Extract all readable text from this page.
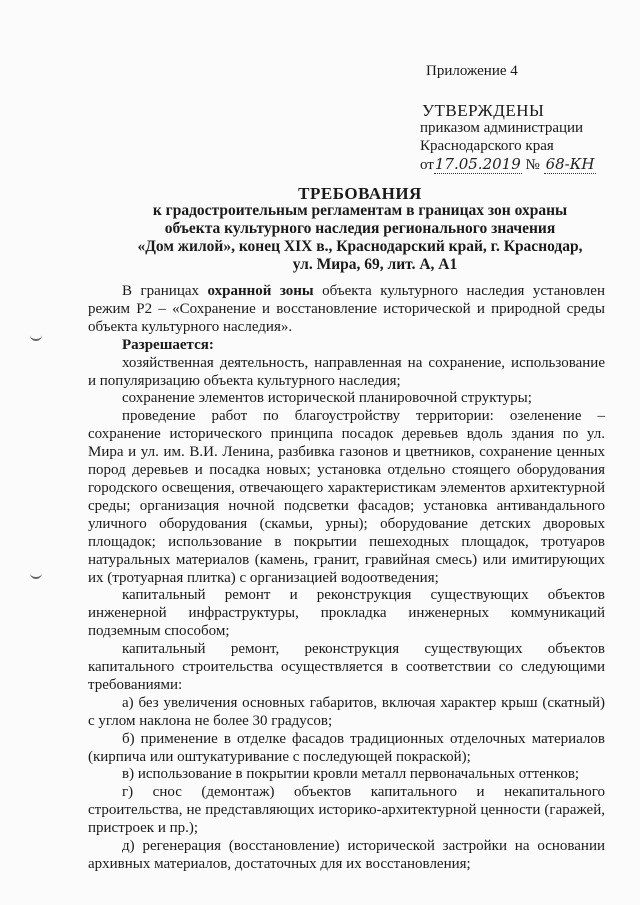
Приложение 4
УТВЕРЖДЕНЫ
приказом администрации
Краснодарского края
от17.05.2019 № 68-КН
ТРЕБОВАНИЯ
к градостроительным регламентам в границах зон охраны
объекта культурного наследия регионального значения
«Дом жилой», конец XIX в., Краснодарский край, г. Краснодар,
ул. Мира, 69, лит. А, А1

В границах охранной зоны объекта культурного наследия установлен режим Р2 – «Сохранение и восстановление исторической и природной среды объекта культурного наследия».

Разрешается:

хозяйственная деятельность, направленная на сохранение, использование и популяризацию объекта культурного наследия;

сохранение элементов исторической планировочной структуры;

проведение работ по благоустройству территории: озеленение – сохранение исторического принципа посадок деревьев вдоль здания по ул. Мира и ул. им. В.И. Ленина, разбивка газонов и цветников, сохранение ценных пород деревьев и посадка новых; установка отдельно стоящего оборудования городского освещения, отвечающего характеристикам элементов архитектурной среды; организация ночной подсветки фасадов; установка антивандального уличного оборудования (скамьи, урны); оборудование детских дворовых площадок; использование в покрытии пешеходных площадок, тротуаров натуральных материалов (камень, гранит, гравийная смесь) или имитирующих их (тротуарная плитка) с организацией водоотведения;

капитальный ремонт и реконструкция существующих объектов инженерной инфраструктуры, прокладка инженерных коммуникаций подземным способом;

капитальный ремонт, реконструкция существующих объектов капитального строительства осуществляется в соответствии со следующими требованиями:

а) без увеличения основных габаритов, включая характер крыш (скатный) с углом наклона не более 30 градусов;

б) применение в отделке фасадов традиционных отделочных материалов (кирпича или оштукатуривание с последующей покраской);

в) использование в покрытии кровли металл первоначальных оттенков;

г) снос (демонтаж) объектов капитального и некапитального строительства, не представляющих историко-архитектурной ценности (гаражей, пристроек и пр.);

д) регенерация (восстановление) исторической застройки на основании архивных материалов, достаточных для их восстановления;
